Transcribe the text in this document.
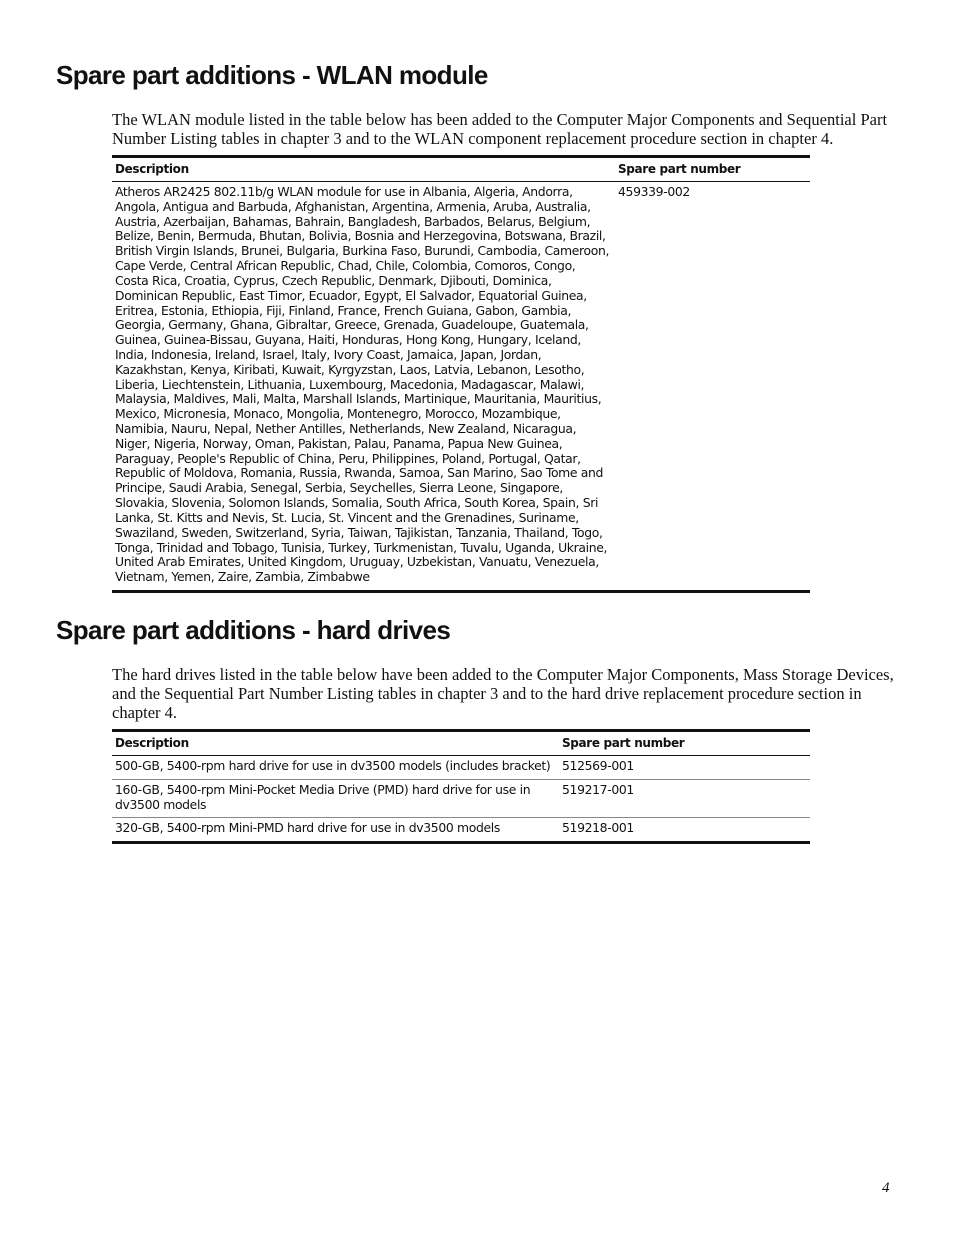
Spare part additions - WLAN module

The WLAN module listed in the table below has been added to the Computer Major Components and Sequential Part Number Listing tables in chapter 3 and to the WLAN component replacement procedure section in chapter 4.

Description	Spare part number
Atheros AR2425 802.11b/g WLAN module for use in Albania, Algeria, Andorra, Angola, Antigua and Barbuda, Afghanistan, Argentina, Armenia, Aruba, Australia, Austria, Azerbaijan, Bahamas, Bahrain, Bangladesh, Barbados, Belarus, Belgium, Belize, Benin, Bermuda, Bhutan, Bolivia, Bosnia and Herzegovina, Botswana, Brazil, British Virgin Islands, Brunei, Bulgaria, Burkina Faso, Burundi, Cambodia, Cameroon, Cape Verde, Central African Republic, Chad, Chile, Colombia, Comoros, Congo, Costa Rica, Croatia, Cyprus, Czech Republic, Denmark, Djibouti, Dominica, Dominican Republic, East Timor, Ecuador, Egypt, El Salvador, Equatorial Guinea, Eritrea, Estonia, Ethiopia, Fiji, Finland, France, French Guiana, Gabon, Gambia, Georgia, Germany, Ghana, Gibraltar, Greece, Grenada, Guadeloupe, Guatemala, Guinea, Guinea-Bissau, Guyana, Haiti, Honduras, Hong Kong, Hungary, Iceland, India, Indonesia, Ireland, Israel, Italy, Ivory Coast, Jamaica, Japan, Jordan, Kazakhstan, Kenya, Kiribati, Kuwait, Kyrgyzstan, Laos, Latvia, Lebanon, Lesotho, Liberia, Liechtenstein, Lithuania, Luxembourg, Macedonia, Madagascar, Malawi, Malaysia, Maldives, Mali, Malta, Marshall Islands, Martinique, Mauritania, Mauritius, Mexico, Micronesia, Monaco, Mongolia, Montenegro, Morocco, Mozambique, Namibia, Nauru, Nepal, Nether Antilles, Netherlands, New Zealand, Nicaragua, Niger, Nigeria, Norway, Oman, Pakistan, Palau, Panama, Papua New Guinea, Paraguay, People's Republic of China, Peru, Philippines, Poland, Portugal, Qatar, Republic of Moldova, Romania, Russia, Rwanda, Samoa, San Marino, Sao Tome and Principe, Saudi Arabia, Senegal, Serbia, Seychelles, Sierra Leone, Singapore, Slovakia, Slovenia, Solomon Islands, Somalia, South Africa, South Korea, Spain, Sri Lanka, St. Kitts and Nevis, St. Lucia, St. Vincent and the Grenadines, Suriname, Swaziland, Sweden, Switzerland, Syria, Taiwan, Tajikistan, Tanzania, Thailand, Togo, Tonga, Trinidad and Tobago, Tunisia, Turkey, Turkmenistan, Tuvalu, Uganda, Ukraine, United Arab Emirates, United Kingdom, Uruguay, Uzbekistan, Vanuatu, Venezuela, Vietnam, Yemen, Zaire, Zambia, Zimbabwe	459339-002
Spare part additions - hard drives

The hard drives listed in the table below have been added to the Computer Major Components, Mass Storage Devices, and the Sequential Part Number Listing tables in chapter 3 and to the hard drive replacement procedure section in chapter 4.

Description	Spare part number
500-GB, 5400-rpm hard drive for use in dv3500 models (includes bracket)	512569-001
160-GB, 5400-rpm Mini-Pocket Media Drive (PMD) hard drive for use in dv3500 models	519217-001
320-GB, 5400-rpm Mini-PMD hard drive for use in dv3500 models	519218-001
4
